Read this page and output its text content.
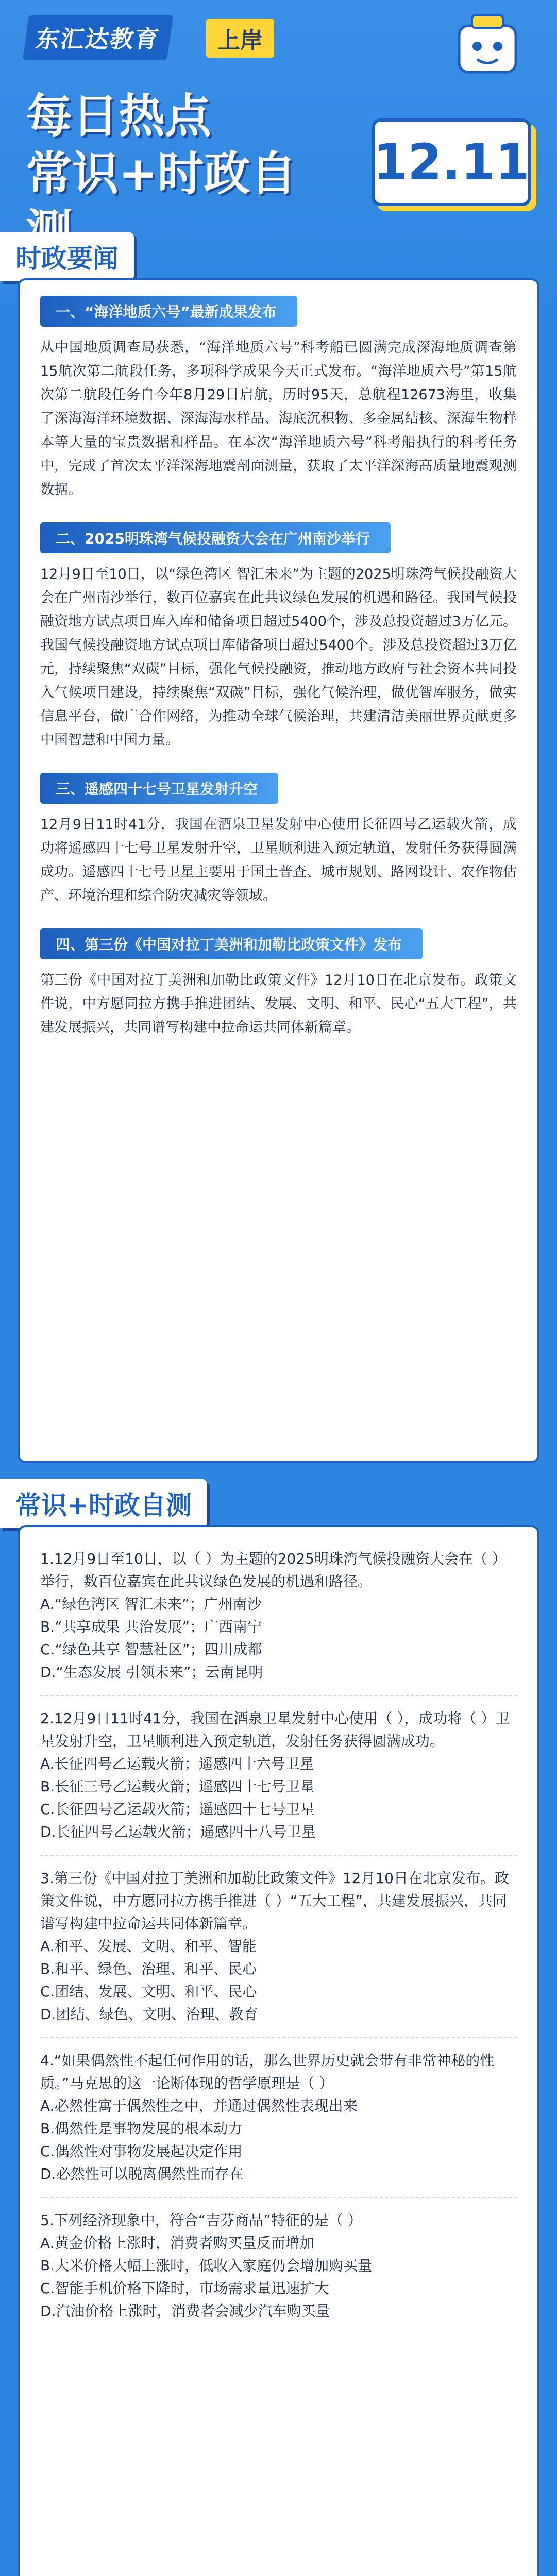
东汇达教育	上岸
每日热点
常识+时政自	12.11
时政要闻
一、“海洋地质六号”最新成果发布
从中国地质调查局获悉，“海洋地质六号”科考船已圆满完成深海地质调查第15航次第二航段任务，多项科学成果今天正式发布。“海洋地质六号”第15航次第二航段任务自今年8月29日启航，历时95天，总航程12673海里，收集了深海海洋环境数据、深海海水样品、海底沉积物、多金属结核、深海生物样本等大量的宝贵数据和样品。在本次“海洋地质六号”科考船执行的科考任务中，完成了首次太平洋深海地震剖面测量，获取了太平洋深海高质量地震观测数据。
二、2025明珠湾气候投融资大会在广州南沙举行
12月9日至10日，以“绿色湾区 智汇未来”为主题的2025明珠湾气候投融资大会在广州南沙举行，数百位嘉宾在此共议绿色发展的机遇和路径。我国气候投融资地方试点项目库入库和储备项目超过5400个，涉及总投资超过3万亿元。我国气候投融资地方试点项目库储备项目超过5400个。涉及总投资超过3万亿元，持续聚焦“双碳”目标，强化气候投融资，推动地方政府与社会资本共同投入气候项目建设，持续聚焦“双碳”目标，强化气候治理，做优智库服务，做实信息平台，做广合作网络，为推动全球气候治理，共建清洁美丽世界贡献更多中国智慧和中国力量。
三、遥感四十七号卫星发射升空
12月9日11时41分，我国在酒泉卫星发射中心使用长征四号乙运载火箭，成功将遥感四十七号卫星发射升空，卫星顺利进入预定轨道，发射任务获得圆满成功。遥感四十七号卫星主要用于国土普查、城市规划、路网设计、农作物估产、环境治理和综合防灾减灾等领域。
四、第三份《中国对拉丁美洲和加勒比政策文件》发布
第三份《中国对拉丁美洲和加勒比政策文件》12月10日在北京发布。政策文件说，中方愿同拉方携手推进团结、发展、文明、和平、民心“五大工程”，共建发展振兴，共同谱写构建中拉命运共同体新篇章。
常识+时政自测
1.12月9日至10日，以（ ）为主题的2025明珠湾气候投融资大会在（ ）举行，数百位嘉宾在此共议绿色发展的机遇和路径。
A.“绿色湾区 智汇未来”；广州南沙
B.“共享成果 共治发展”；广西南宁
C.“绿色共享 智慧社区”；四川成都
D.“生态发展 引领未来”；云南昆明
2.12月9日11时41分，我国在酒泉卫星发射中心使用（ ），成功将（ ）卫星发射升空，卫星顺利进入预定轨道，发射任务获得圆满成功。
A.长征四号乙运载火箭；遥感四十六号卫星
B.长征三号乙运载火箭；遥感四十七号卫星
C.长征四号乙运载火箭；遥感四十七号卫星
D.长征四号乙运载火箭；遥感四十八号卫星
3.第三份《中国对拉丁美洲和加勒比政策文件》12月10日在北京发布。政策文件说，中方愿同拉方携手推进（ ）“五大工程”，共建发展振兴，共同谱写构建中拉命运共同体新篇章。
A.和平、发展、文明、和平、智能
B.和平、绿色、治理、和平、民心
C.团结、发展、文明、和平、民心
D.团结、绿色、文明、治理、教育
4.“如果偶然性不起任何作用的话，那么世界历史就会带有非常神秘的性质。”马克思的这一论断体现的哲学原理是（ ）
A.必然性寓于偶然性之中，并通过偶然性表现出来
B.偶然性是事物发展的根本动力
C.偶然性对事物发展起决定作用
D.必然性可以脱离偶然性而存在
5.下列经济现象中，符合“吉芬商品”特征的是（ ）
A.黄金价格上涨时，消费者购买量反而增加
B.大米价格大幅上涨时，低收入家庭仍会增加购买量
C.智能手机价格下降时，市场需求量迅速扩大
D.汽油价格上涨时，消费者会减少汽车购买量
